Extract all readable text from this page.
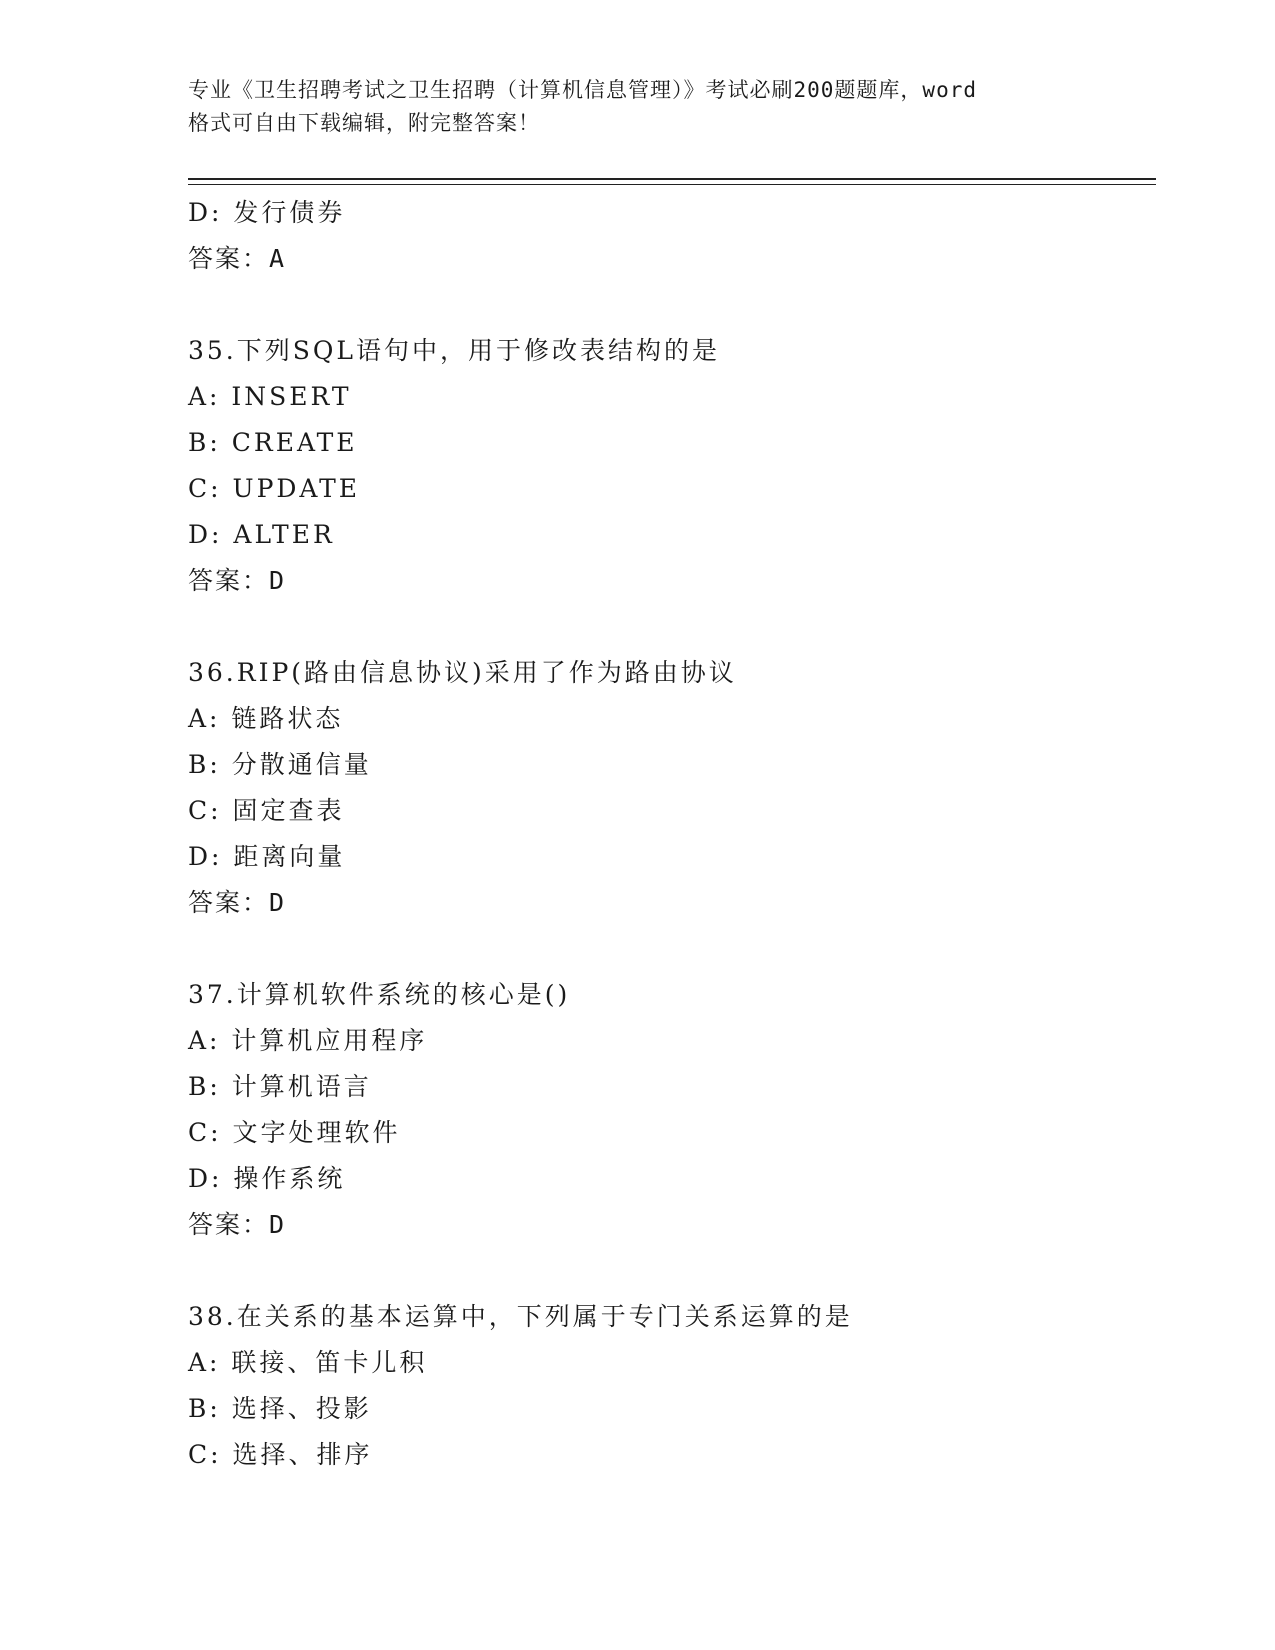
专业《卫生招聘考试之卫生招聘（计算机信息管理）》考试必刷200题题库，word
格式可自由下载编辑，附完整答案！
D: 发行债券
答案：A
35.下列SQL语句中，用于修改表结构的是
A: INSERT
B: CREATE
C: UPDATE
D: ALTER
答案：D
36.RIP(路由信息协议)采用了作为路由协议
A: 链路状态
B: 分散通信量
C: 固定查表
D: 距离向量
答案：D
37.计算机软件系统的核心是()
A: 计算机应用程序
B: 计算机语言
C: 文字处理软件
D: 操作系统
答案：D
38.在关系的基本运算中，下列属于专门关系运算的是
A: 联接、笛卡儿积
B: 选择、投影
C: 选择、排序
